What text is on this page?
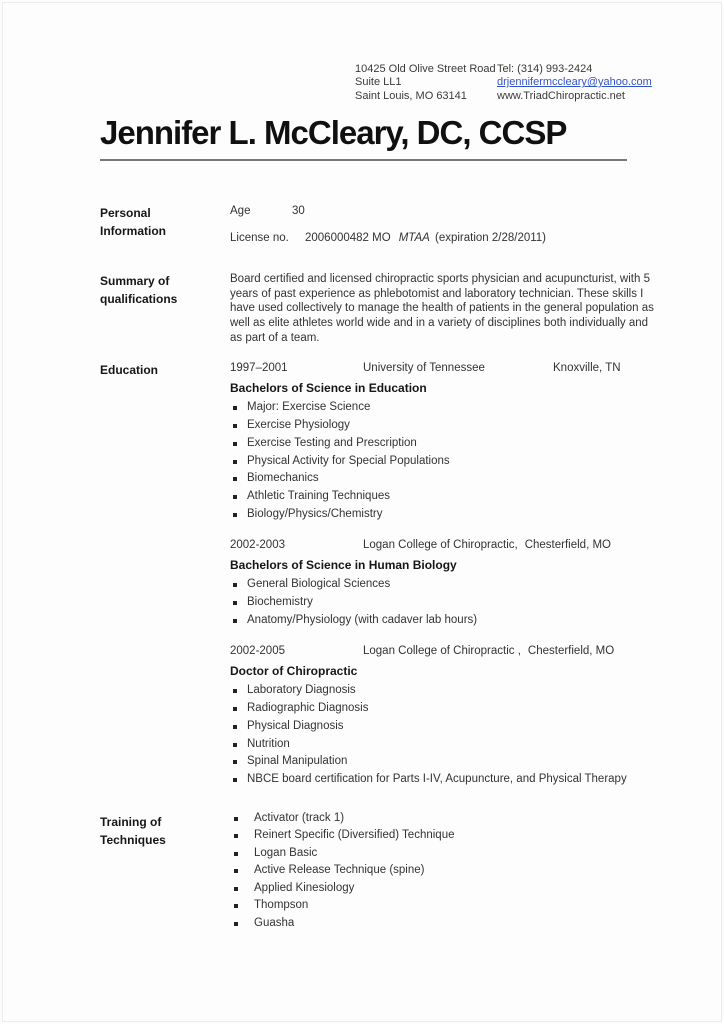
10425 Old Olive Street Road
Suite LL1
Saint Louis, MO 63141
Tel: (314) 993-2424
drjennifermccleary@yahoo.com
www.TriadChiropractic.net
Jennifer L. McCleary, DC, CCSP
Personal
Information
Age	30
License no.	2006000482 MO MTAA (expiration 2/28/2011)
Summary of
qualifications

Board certified and licensed chiropractic sports physician and acupuncturist, with 5 years of past experience as phlebotomist and laboratory technician. These skills I have used collectively to manage the health of patients in the general population as well as elite athletes world wide and in a variety of disciplines both individually and as part of a team.

Education	1997–2001	University of Tennessee	Knoxville, TN
Bachelors of Science in Education
Major: Exercise Science
Exercise Physiology
Exercise Testing and Prescription
Physical Activity for Special Populations
Biomechanics
Athletic Training Techniques
Biology/Physics/Chemistry
2002-2003	Logan College of Chiropractic, Chesterfield, MO
Bachelors of Science in Human Biology
General Biological Sciences
Biochemistry
Anatomy/Physiology (with cadaver lab hours)
2002-2005	Logan College of Chiropractic , Chesterfield, MO
Doctor of Chiropractic
Laboratory Diagnosis
Radiographic Diagnosis
Physical Diagnosis
Nutrition
Spinal Manipulation
NBCE board certification for Parts I-IV, Acupuncture, and Physical Therapy
Training of
Techniques
Activator (track 1)
Reinert Specific (Diversified) Technique
Logan Basic
Active Release Technique (spine)
Applied Kinesiology
Thompson
Guasha
